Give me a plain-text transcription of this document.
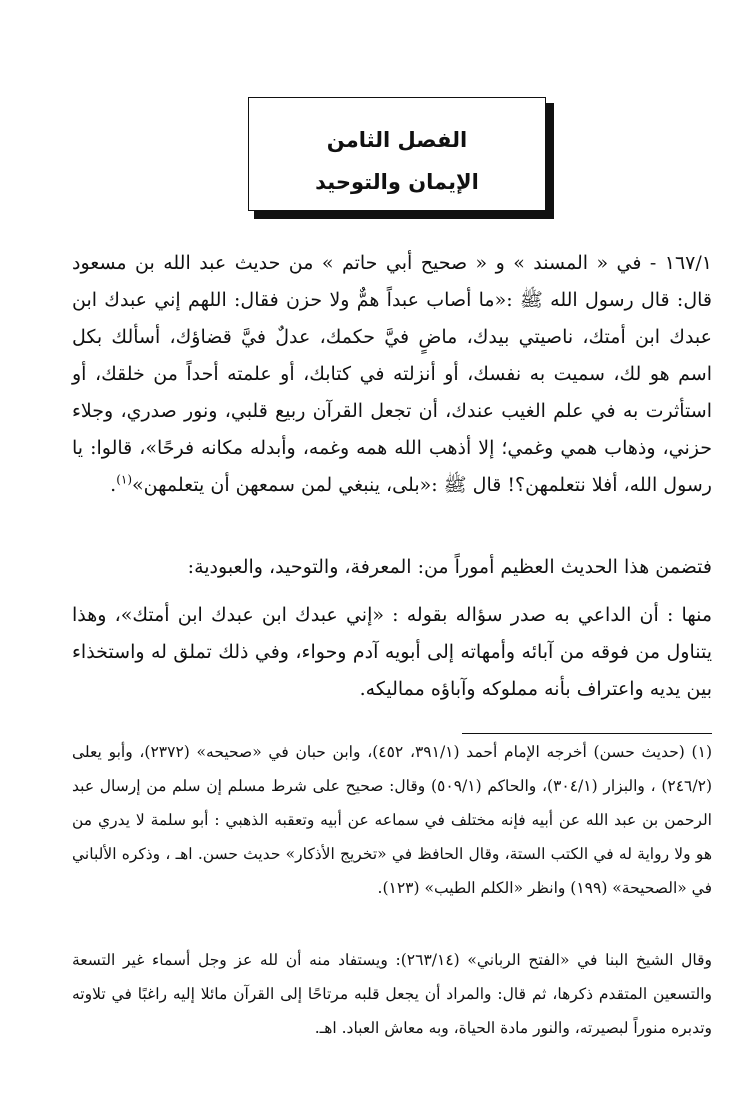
الفصل الثامن
الإيمان والتوحيد

١٦٧/١ - في « المسند » و « صحيح أبي حاتم » من حديث عبد الله بن مسعود قال: قال رسول الله ﷺ :«ما أصاب عبداً همٌّ ولا حزن فقال: اللهم إني عبدك ابن عبدك ابن أمتك، ناصيتي بيدك، ماضٍ فيَّ حكمك، عدلٌ فيَّ قضاؤك، أسألك بكل اسم هو لك، سميت به نفسك، أو أنزلته في كتابك، أو علمته أحداً من خلقك، أو استأثرت به في علم الغيب عندك، أن تجعل القرآن ربيع قلبي، ونور صدري، وجلاء حزني، وذهاب همي وغمي؛ إلا أذهب الله همه وغمه، وأبدله مكانه فرحًا»، قالوا: يا رسول الله، أفلا نتعلمهن؟! قال ﷺ :«بلى، ينبغي لمن سمعهن أن يتعلمهن»$^{(١)}$.

فتضمن هذا الحديث العظيم أموراً من: المعرفة، والتوحيد، والعبودية:

منها : أن الداعي به صدر سؤاله بقوله : «إني عبدك ابن عبدك ابن أمتك»، وهذا يتناول من فوقه من آبائه وأمهاته إلى أبويه آدم وحواء، وفي ذلك تملق له واستخذاء بين يديه واعتراف بأنه مملوكه وآباؤه مماليكه.

(١) (حديث حسن) أخرجه الإمام أحمد (٣٩١/١، ٤٥٢)، وابن حبان في «صحيحه» (٢٣٧٢)، وأبو يعلى (٢٤٦/٢) ، والبزار (٣٠٤/١)، والحاكم (٥٠٩/١) وقال: صحيح على شرط مسلم إن سلم من إرسال عبد الرحمن بن عبد الله عن أبيه فإنه مختلف في سماعه عن أبيه وتعقبه الذهبي : أبو سلمة لا يدري من هو ولا رواية له في الكتب الستة، وقال الحافظ في «تخريج الأذكار» حديث حسن. اهـ ، وذكره الألباني في «الصحيحة» (١٩٩) وانظر «الكلم الطيب» (١٢٣).

وقال الشيخ البنا في «الفتح الرباني» (٢٦٣/١٤): ويستفاد منه أن لله عز وجل أسماء غير التسعة والتسعين المتقدم ذكرها، ثم قال: والمراد أن يجعل قلبه مرتاحًا إلى القرآن مائلا إليه راغبًا في تلاوته وتدبره منوراً لبصيرته، والنور مادة الحياة، وبه معاش العباد. اهـ.
